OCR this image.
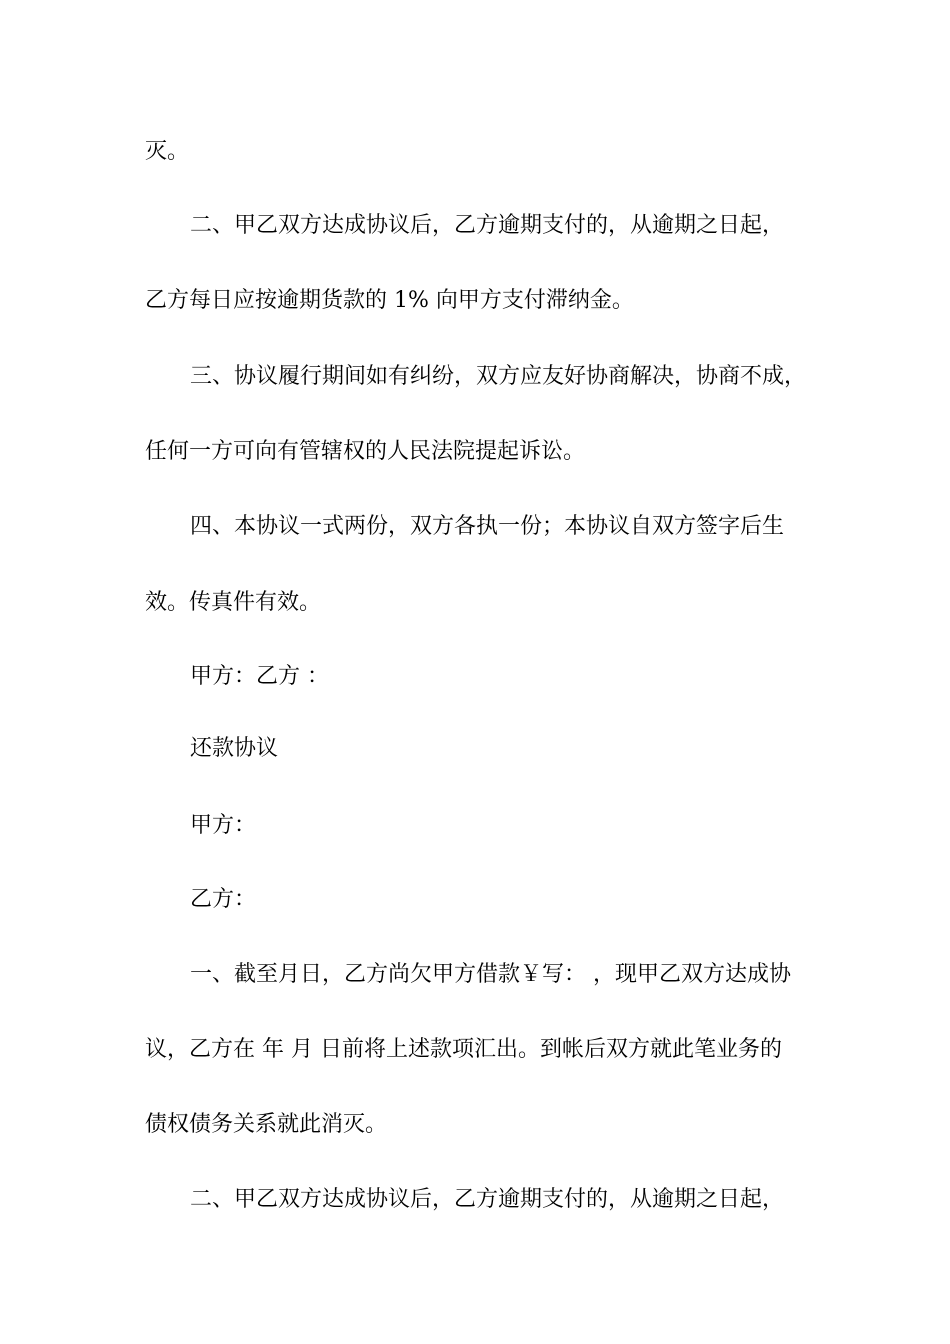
灭。
二、甲乙双方达成协议后，乙方逾期支付的，从逾期之日起，
乙方每日应按逾期货款的 1% 向甲方支付滞纳金。
三、协议履行期间如有纠纷，双方应友好协商解决，协商不成，
任何一方可向有管辖权的人民法院提起诉讼。
四、本协议一式两份，双方各执一份；本协议自双方签字后生
效。传真件有效。
甲方：乙方 ：
还款协议
甲方：
乙方：
一、截至月日，乙方尚欠甲方借款￥写： ，现甲乙双方达成协
议，乙方在 年 月 日前将上述款项汇出。到帐后双方就此笔业务的
债权债务关系就此消灭。
二、甲乙双方达成协议后，乙方逾期支付的，从逾期之日起，
